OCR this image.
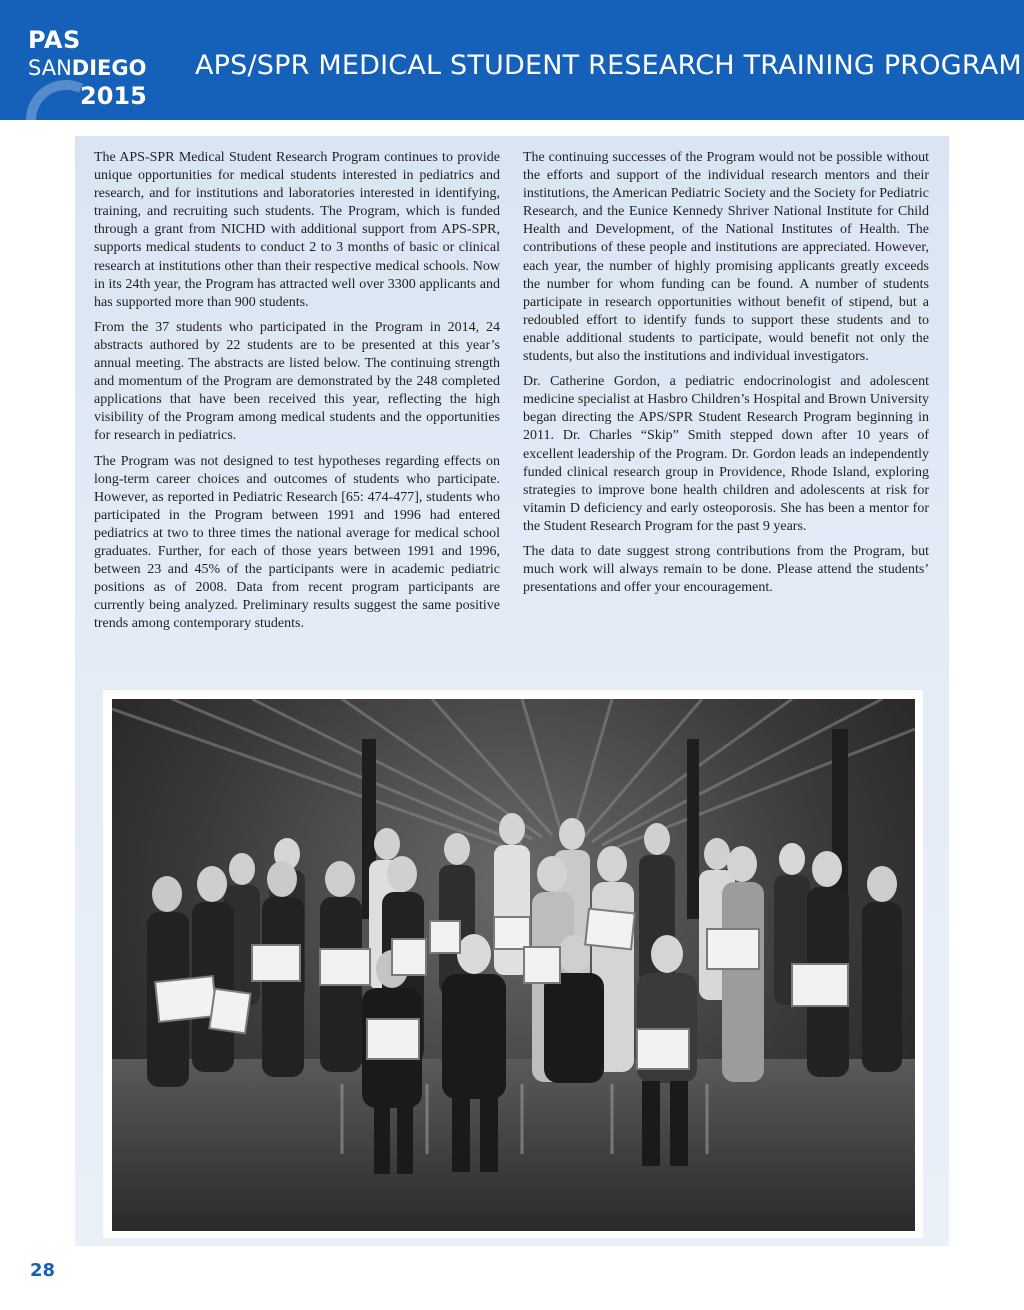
PAS
SANDIEGO
2015
APS/SPR MEDICAL STUDENT RESEARCH TRAINING PROGRAM

The APS-SPR Medical Student Research Program continues to provide unique opportunities for medical students interested in pediatrics and research, and for institutions and laboratories interested in identifying, training, and recruiting such students. The Program, which is funded through a grant from NICHD with additional support from APS-SPR, supports medical students to conduct 2 to 3 months of basic or clinical research at institutions other than their respective medical schools. Now in its 24th year, the Program has attracted well over 3300 applicants and has supported more than 900 students.

From the 37 students who participated in the Program in 2014, 24 abstracts authored by 22 students are to be presented at this year’s annual meeting. The abstracts are listed below. The continuing strength and momentum of the Program are demonstrated by the 248 completed applications that have been received this year, reflecting the high visibility of the Program among medical students and the opportunities for research in pediatrics.

The Program was not designed to test hypotheses regarding effects on long-term career choices and outcomes of students who participate. However, as reported in Pediatric Research [65: 474-477], students who participated in the Program between 1991 and 1996 had entered pediatrics at two to three times the national average for medical school graduates. Further, for each of those years between 1991 and 1996, between 23 and 45% of the participants were in academic pediatric positions as of 2008. Data from recent program participants are currently being analyzed. Preliminary results suggest the same positive trends among contemporary students.

The continuing successes of the Program would not be possible without the efforts and support of the individual research mentors and their institutions, the American Pediatric Society and the Society for Pediatric Research, and the Eunice Kennedy Shriver National Institute for Child Health and Development, of the National Institutes of Health. The contributions of these people and institutions are appreciated. However, each year, the number of highly promising applicants greatly exceeds the number for whom funding can be found. A number of students participate in research opportunities without benefit of stipend, but a redoubled effort to identify funds to support these students and to enable additional students to participate, would benefit not only the students, but also the institutions and individual investigators.

Dr. Catherine Gordon, a pediatric endocrinologist and adolescent medicine specialist at Hasbro Children’s Hospital and Brown University began directing the APS/SPR Student Research Program beginning in 2011. Dr. Charles “Skip” Smith stepped down after 10 years of excellent leadership of the Program. Dr. Gordon leads an independently funded clinical research group in Providence, Rhode Island, exploring strategies to improve bone health children and adolescents at risk for vitamin D deficiency and early osteoporosis. She has been a mentor for the Student Research Program for the past 9 years.

The data to date suggest strong contributions from the Program, but much work will always remain to be done. Please attend the students’ presentations and offer your encouragement.

28
